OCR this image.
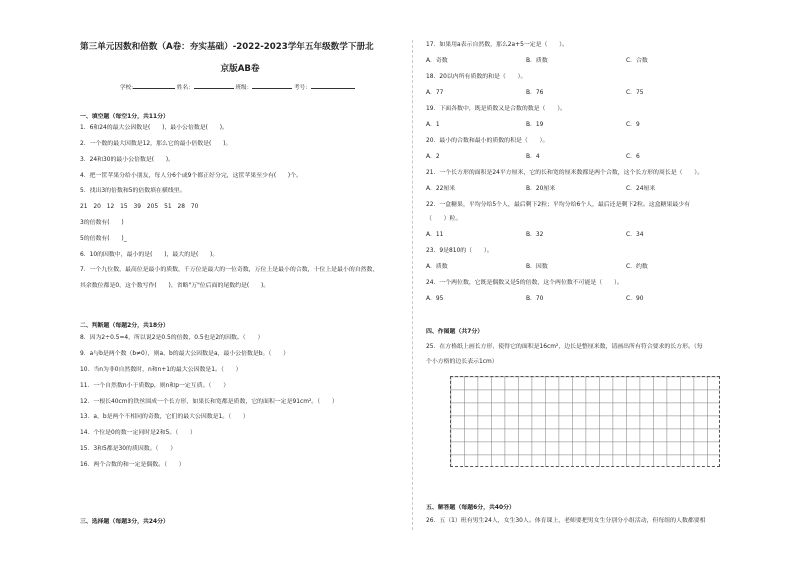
第三单元因数和倍数（A卷：夯实基础）-2022-2023学年五年级数学下册北
京版AB卷
学校:	姓名：	班级：	考号：
一、填空题（每空1分，共11分）
1．6和24的最大公因数是(　　)，最小公倍数是(　　)。
2．一个数的最大因数是12，那么它的最小倍数是(　　)。
3．24和30的最小公倍数是(　　)。
4．把一筐苹果分给小朋友，每人分6个或9个都正好分完，这筐苹果至少有(　　)个。
5．找出3的倍数和5的倍数填在横线里。
21　20　12　15　39　205　51　28　70
3的倍数有(　　)
5的倍数有(　　)_
6．10的因数中，最小的是(　　)，最大的是(　　)。
7．一个九位数，最高位是最小的质数，千万位是最大的一位奇数，万位上是最小的合数，十位上是最小的自然数，
其余数位都是0，这个数写作(　　)，省略"万"位后面的尾数约是(　　)。
二、判断题（每题2分，共18分）
8．因为2÷0.5=4，所以说2是0.5的倍数，0.5也是2的因数。（　　）
9．a与b是两个数（b≠0），则a、b的最大公因数是a，最小公倍数是b。（　　）
10．当n为非0自然数时，n和n+1的最大公因数是1。（　　）
11．一个自然数n小于质数p，则n和p一定互质。（　　）
12．一根长40cm的铁丝围成一个长方形，如果长和宽都是质数，它的面积一定是91cm²。（　　）
13．a，b是两个不相同的奇数，它们的最大公因数是1。（　　）
14．个位是0的数一定同时是2和5。（　　）
15．3和5都是30的质因数。（　　）
16．两个合数的和一定是偶数。（　　）
三、选择题（每题3分，共24分）
17．如果用a表示自然数，那么2a+5一定是（　　）。
A．奇数	B．质数	C．合数
18．20以内所有质数的和是（　　）。
A．77	B．76	C．75
19．下面各数中，既是质数又是合数的数是（　　）。
A．1	B．19	C．9
20．最小的合数和最小的质数的积是（　　）。
A．2	B．4	C．6
21．一个长方形的面积是24平方厘米，它的长和宽的厘米数都是两个合数，这个长方形的周长是（　　）。
A．22厘米	B．20厘米	C．24厘米
22．一盒糖果，平均分给5个人，最后剩下2粒；平均分给6个人，最后还是剩下2粒。这盒糖果最少有
（　　）粒。
A．11	B．32	C．34
23．9是810的（　　）。
A．质数	B．因数	C．约数
24．一个两位数，它既是偶数又是5的倍数，这个两位数不可能是（　　）。
A．95	B．70	C．90
四、作图题（共7分）
25．在方格纸上画长方形，使得它的面积是16cm²，边长是整厘米数，请画出所有符合要求的长方形。（每
个小方格的边长表示1cm）
五、解答题（每题6分，共40分）
26．五（1）班有男生24人，女生30人。体育课上，老师要把男女生分别分小组活动，但每组的人数都要相
